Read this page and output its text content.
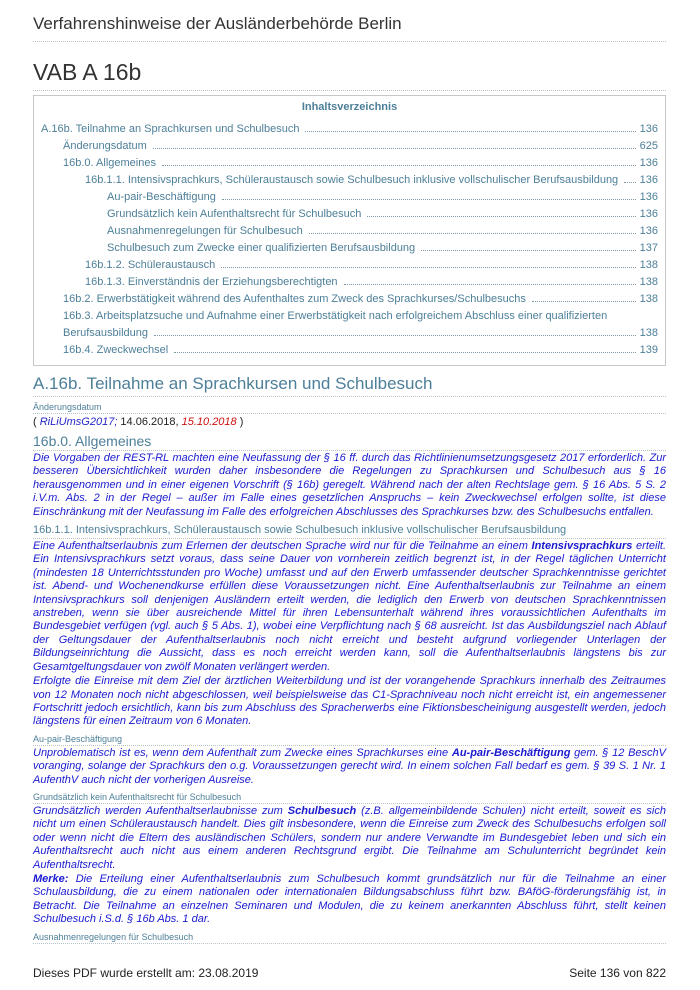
Verfahrenshinweise der Ausländerbehörde Berlin
VAB A 16b
Inhaltsverzeichnis
A.16b. Teilnahme an Sprachkursen und Schulbesuch	136
Änderungsdatum	625
16b.0. Allgemeines	136
16b.1.1. Intensivsprachkurs, Schüleraustausch sowie Schulbesuch inklusive vollschulischer Berufsausbildung 136
Au-pair-Beschäftigung	136
Grundsätzlich kein Aufenthaltsrecht für Schulbesuch	136
Ausnahmenregelungen für Schulbesuch	136
Schulbesuch zum Zwecke einer qualifizierten Berufsausbildung	137
16b.1.2. Schüleraustausch	138
16b.1.3. Einverständnis der Erziehungsberechtigten	138
16b.2. Erwerbstätigkeit während des Aufenthaltes zum Zweck des Sprachkurses/Schulbesuchs	138
16b.3. Arbeitsplatzsuche und Aufnahme einer Erwerbstätigkeit nach erfolgreichem Abschluss einer qualifizierten
Berufsausbildung	138
16b.4. Zweckwechsel	139
A.16b. Teilnahme an Sprachkursen und Schulbesuch
Änderungsdatum
( RiLiUmsG2017; 14.06.2018, 15.10.2018 )
16b.0. Allgemeines

Die Vorgaben der REST-RL machten eine Neufassung der § 16 ff. durch das Richtlinienumsetzungsgesetz 2017 erforderlich. Zur besseren Übersichtlichkeit wurden daher insbesondere die Regelungen zu Sprachkursen und Schulbesuch aus § 16 herausgenommen und in einer eigenen Vorschrift (§ 16b) geregelt. Während nach der alten Rechtslage gem. § 16 Abs. 5 S. 2 i.V.m. Abs. 2 in der Regel – außer im Falle eines gesetzlichen Anspruchs – kein Zweckwechsel erfolgen sollte, ist diese Einschränkung mit der Neufassung im Falle des erfolgreichen Abschlusses des Sprachkurses bzw. des Schulbesuchs entfallen.

16b.1.1. Intensivsprachkurs, Schüleraustausch sowie Schulbesuch inklusive vollschulischer Berufsausbildung

Eine Aufenthaltserlaubnis zum Erlernen der deutschen Sprache wird nur für die Teilnahme an einem Intensivsprachkurs erteilt. Ein Intensivsprachkurs setzt voraus, dass seine Dauer von vornherein zeitlich begrenzt ist, in der Regel täglichen Unterricht (mindesten 18 Unterrichtsstunden pro Woche) umfasst und auf den Erwerb umfassender deutscher Sprachkenntnisse gerichtet ist. Abend- und Wochenendkurse erfüllen diese Voraussetzungen nicht. Eine Aufenthaltserlaubnis zur Teilnahme an einem Intensivsprachkurs soll denjenigen Ausländern erteilt werden, die lediglich den Erwerb von deutschen Sprachkenntnissen anstreben, wenn sie über ausreichende Mittel für ihren Lebensunterhalt während ihres voraussichtlichen Aufenthalts im Bundesgebiet verfügen (vgl. auch § 5 Abs. 1), wobei eine Verpflichtung nach § 68 ausreicht. Ist das Ausbildungsziel nach Ablauf der Geltungsdauer der Aufenthaltserlaubnis noch nicht erreicht und besteht aufgrund vorliegender Unterlagen der Bildungseinrichtung die Aussicht, dass es noch erreicht werden kann, soll die Aufenthaltserlaubnis längstens bis zur Gesamtgeltungsdauer von zwölf Monaten verlängert werden.

Erfolgte die Einreise mit dem Ziel der ärztlichen Weiterbildung und ist der vorangehende Sprachkurs innerhalb des Zeitraumes von 12 Monaten noch nicht abgeschlossen, weil beispielsweise das C1-Sprachniveau noch nicht erreicht ist, ein angemessener Fortschritt jedoch ersichtlich, kann bis zum Abschluss des Spracherwerbs eine Fiktionsbescheinigung ausgestellt werden, jedoch längstens für einen Zeitraum von 6 Monaten.

Au-pair-Beschäftigung

Unproblematisch ist es, wenn dem Aufenthalt zum Zwecke eines Sprachkurses eine Au-pair-Beschäftigung gem. § 12 BeschV voranging, solange der Sprachkurs den o.g. Voraussetzungen gerecht wird. In einem solchen Fall bedarf es gem. § 39 S. 1 Nr. 1 AufenthV auch nicht der vorherigen Ausreise.

Grundsätzlich kein Aufenthaltsrecht für Schulbesuch

Grundsätzlich werden Aufenthaltserlaubnisse zum Schulbesuch (z.B. allgemeinbildende Schulen) nicht erteilt, soweit es sich nicht um einen Schüleraustausch handelt. Dies gilt insbesondere, wenn die Einreise zum Zweck des Schulbesuchs erfolgen soll oder wenn nicht die Eltern des ausländischen Schülers, sondern nur andere Verwandte im Bundesgebiet leben und sich ein Aufenthaltsrecht auch nicht aus einem anderen Rechtsgrund ergibt. Die Teilnahme am Schulunterricht begründet kein Aufenthaltsrecht.

Merke: Die Erteilung einer Aufenthaltserlaubnis zum Schulbesuch kommt grundsätzlich nur für die Teilnahme an einer Schulausbildung, die zu einem nationalen oder internationalen Bildungsabschluss führt bzw. BAföG-förderungsfähig ist, in Betracht. Die Teilnahme an einzelnen Seminaren und Modulen, die zu keinem anerkannten Abschluss führt, stellt keinen Schulbesuch i.S.d. § 16b Abs. 1 dar.

Ausnahmenregelungen für Schulbesuch
Dieses PDF wurde erstellt am: 23.08.2019	Seite 136 von 822
